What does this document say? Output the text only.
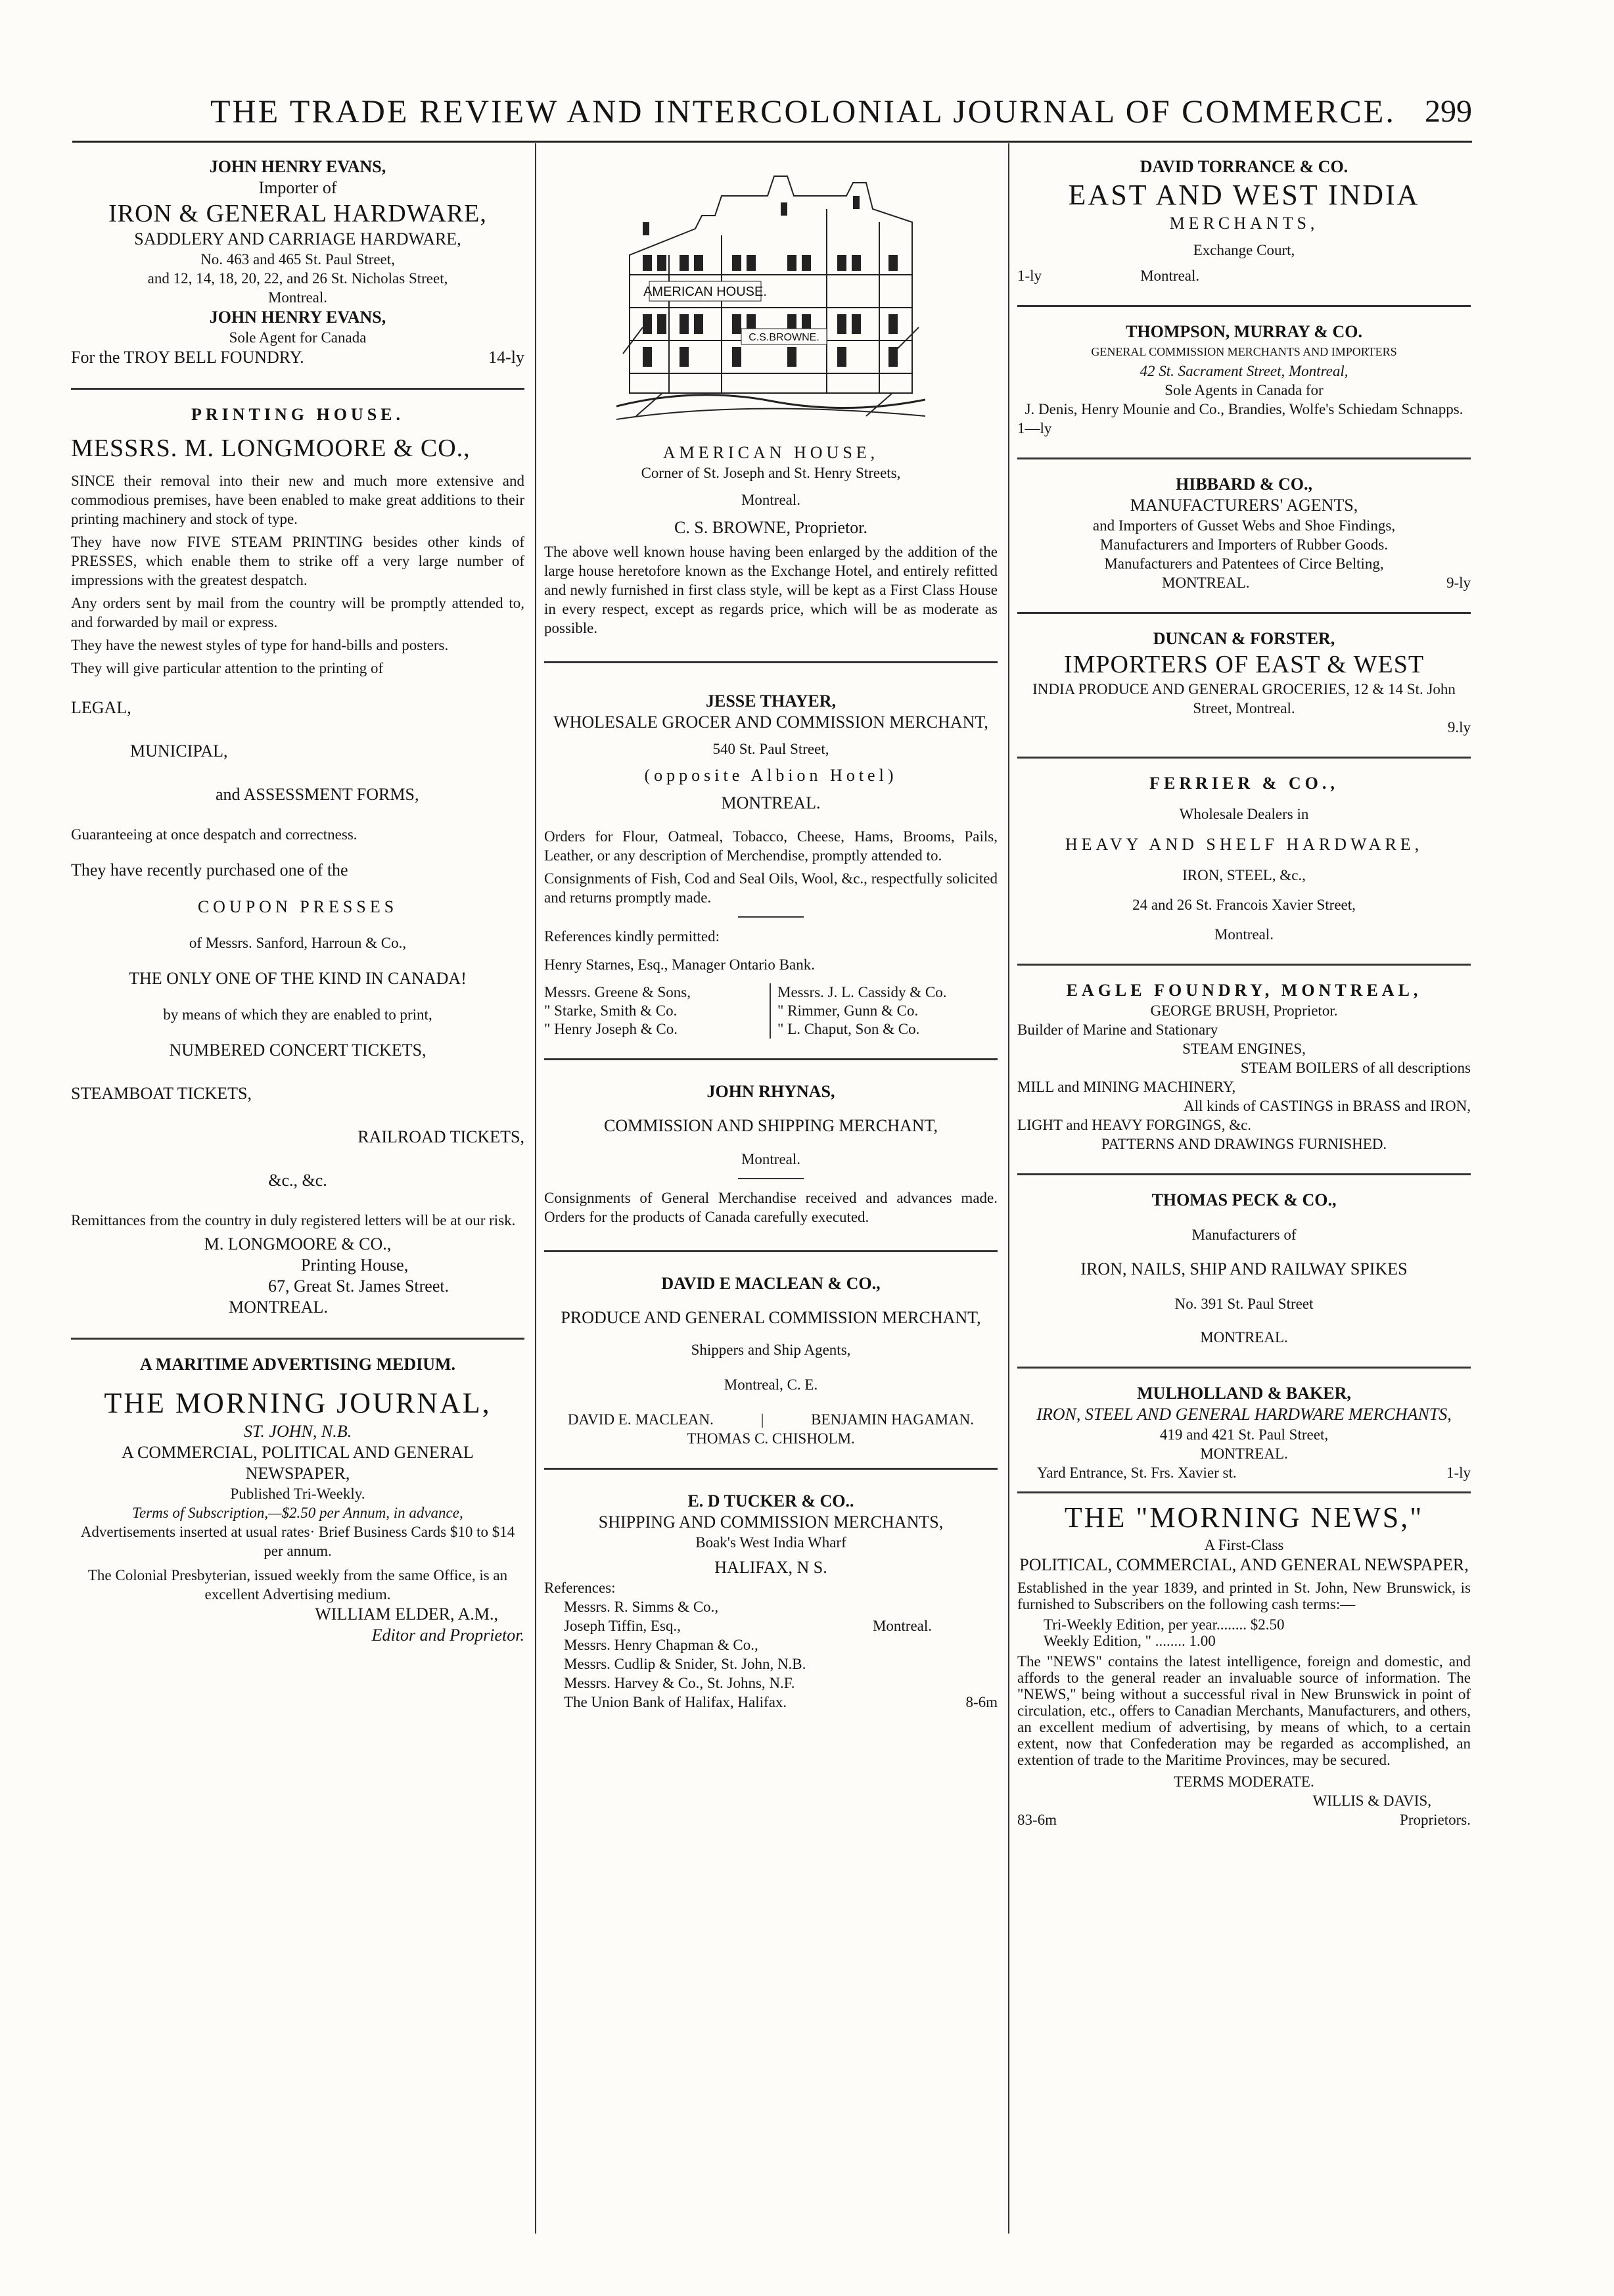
THE TRADE REVIEW AND INTERCOLONIAL JOURNAL OF COMMERCE. 299
JOHN HENRY EVANS,
Importer of
IRON & GENERAL HARDWARE,
SADDLERY AND CARRIAGE HARDWARE,
No. 463 and 465 St. Paul Street,
and 12, 14, 18, 20, 22, and 26 St. Nicholas Street,
Montreal.
JOHN HENRY EVANS,
Sole Agent for Canada
For the TROY BELL FOUNDRY.	14-ly
PRINTING HOUSE.
MESSRS. M. LONGMOORE & CO.,

SINCE their removal into their new and much more extensive and commodious premises, have been enabled to make great additions to their printing machinery and stock of type.

They have now FIVE STEAM PRINTING besides other kinds of PRESSES, which enable them to strike off a very large number of impressions with the greatest despatch.

Any orders sent by mail from the country will be promptly attended to, and forwarded by mail or express.

They have the newest styles of type for hand-bills and posters.

They will give particular attention to the printing of

LEGAL,
MUNICIPAL,
and ASSESSMENT FORMS,
Guaranteeing at once despatch and correctness.
They have recently purchased one of the
COUPON PRESSES
of Messrs. Sanford, Harroun & Co.,
THE ONLY ONE OF THE KIND IN CANADA!
by means of which they are enabled to print,
NUMBERED CONCERT TICKETS,
STEAMBOAT TICKETS,
RAILROAD TICKETS,
&c., &c.

Remittances from the country in duly registered letters will be at our risk.

M. LONGMOORE & CO.,
Printing House,
67, Great St. James Street.
MONTREAL.
A MARITIME ADVERTISING MEDIUM.
THE MORNING JOURNAL,
ST. JOHN, N.B.
A COMMERCIAL, POLITICAL AND GENERAL NEWSPAPER,
Published Tri-Weekly.
Terms of Subscription,—$2.50 per Annum, in advance,
Advertisements inserted at usual rates· Brief Business Cards $10 to $14 per annum.
The Colonial Presbyterian, issued weekly from the same Office, is an excellent Advertising medium.
WILLIAM ELDER, A.M.,
Editor and Proprietor.
AMERICAN HOUSE.
C.S.BROWNE.
AMERICAN HOUSE,
Corner of St. Joseph and St. Henry Streets,
Montreal.
C. S. BROWNE, Proprietor.

The above well known house having been enlarged by the addition of the large house heretofore known as the Exchange Hotel, and entirely refitted and newly furnished in first class style, will be kept as a First Class House in every respect, except as regards price, which will be as moderate as possible.

JESSE THAYER,
WHOLESALE GROCER AND COMMISSION MERCHANT,
540 St. Paul Street,
(opposite Albion Hotel)
MONTREAL.

Orders for Flour, Oatmeal, Tobacco, Cheese, Hams, Brooms, Pails, Leather, or any description of Merchendise, promptly attended to.

Consignments of Fish, Cod and Seal Oils, Wool, &c., respectfully solicited and returns promptly made.

References kindly permitted:
Henry Starnes, Esq., Manager Ontario Bank.
Messrs. Greene & Sons,
" Starke, Smith & Co.
" Henry Joseph & Co.
Messrs. J. L. Cassidy & Co.
" Rimmer, Gunn & Co.
" L. Chaput, Son & Co.
JOHN RHYNAS,
COMMISSION AND SHIPPING MERCHANT,
Montreal.

Consignments of General Merchandise received and advances made. Orders for the products of Canada carefully executed.

DAVID E MACLEAN & CO.,
PRODUCE AND GENERAL COMMISSION MERCHANT,
Shippers and Ship Agents,
Montreal, C. E.
DAVID E. MACLEAN.	|	BENJAMIN HAGAMAN.
THOMAS C. CHISHOLM.
E. D TUCKER & CO..
SHIPPING AND COMMISSION MERCHANTS,
Boak's West India Wharf
HALIFAX, N S.
References:
Messrs. R. Simms & Co.,
Joseph Tiffin, Esq.,	Montreal.
Messrs. Henry Chapman & Co.,
Messrs. Cudlip & Snider, St. John, N.B.
Messrs. Harvey & Co., St. Johns, N.F.
The Union Bank of Halifax, Halifax.	8-6m
DAVID TORRANCE & CO.
EAST AND WEST INDIA
MERCHANTS,
Exchange Court,
1-ly	Montreal.
THOMPSON, MURRAY & CO.
GENERAL COMMISSION MERCHANTS AND IMPORTERS
42 St. Sacrament Street, Montreal,
Sole Agents in Canada for
J. Denis, Henry Mounie and Co., Brandies, Wolfe's Schiedam Schnapps.
1—ly
HIBBARD & CO.,
MANUFACTURERS' AGENTS,
and Importers of Gusset Webs and Shoe Findings,
Manufacturers and Importers of Rubber Goods.
Manufacturers and Patentees of Circe Belting,
MONTREAL.	9-ly
DUNCAN & FORSTER,
IMPORTERS OF EAST & WEST
INDIA PRODUCE AND GENERAL GROCERIES, 12 & 14 St. John Street, Montreal.
9.ly
FERRIER & CO.,
Wholesale Dealers in
HEAVY AND SHELF HARDWARE,
IRON, STEEL, &c.,
24 and 26 St. Francois Xavier Street,
Montreal.
EAGLE FOUNDRY, MONTREAL,
GEORGE BRUSH, Proprietor.
Builder of Marine and Stationary
STEAM ENGINES,
STEAM BOILERS of all descriptions
MILL and MINING MACHINERY,
All kinds of CASTINGS in BRASS and IRON,
LIGHT and HEAVY FORGINGS, &c.
PATTERNS AND DRAWINGS FURNISHED.
THOMAS PECK & CO.,
Manufacturers of
IRON, NAILS, SHIP AND RAILWAY SPIKES
No. 391 St. Paul Street
MONTREAL.
MULHOLLAND & BAKER,
IRON, STEEL AND GENERAL HARDWARE MERCHANTS,
419 and 421 St. Paul Street,
MONTREAL.
Yard Entrance, St. Frs. Xavier st.	1-ly
THE "MORNING NEWS,"
A First-Class
POLITICAL, COMMERCIAL, AND GENERAL NEWSPAPER,

Established in the year 1839, and printed in St. John, New Brunswick, is furnished to Subscribers on the following cash terms:—

Tri-Weekly Edition, per year........ $2.50
Weekly Edition, " ........ 1.00

The "NEWS" contains the latest intelligence, foreign and domestic, and affords to the general reader an invaluable source of information. The "NEWS," being without a successful rival in New Brunswick in point of circulation, etc., offers to Canadian Merchants, Manufacturers, and others, an excellent medium of advertising, by means of which, to a certain extent, now that Confederation may be regarded as accomplished, an extention of trade to the Maritime Provinces, may be secured.

TERMS MODERATE.
WILLIS & DAVIS,
83-6m	Proprietors.
